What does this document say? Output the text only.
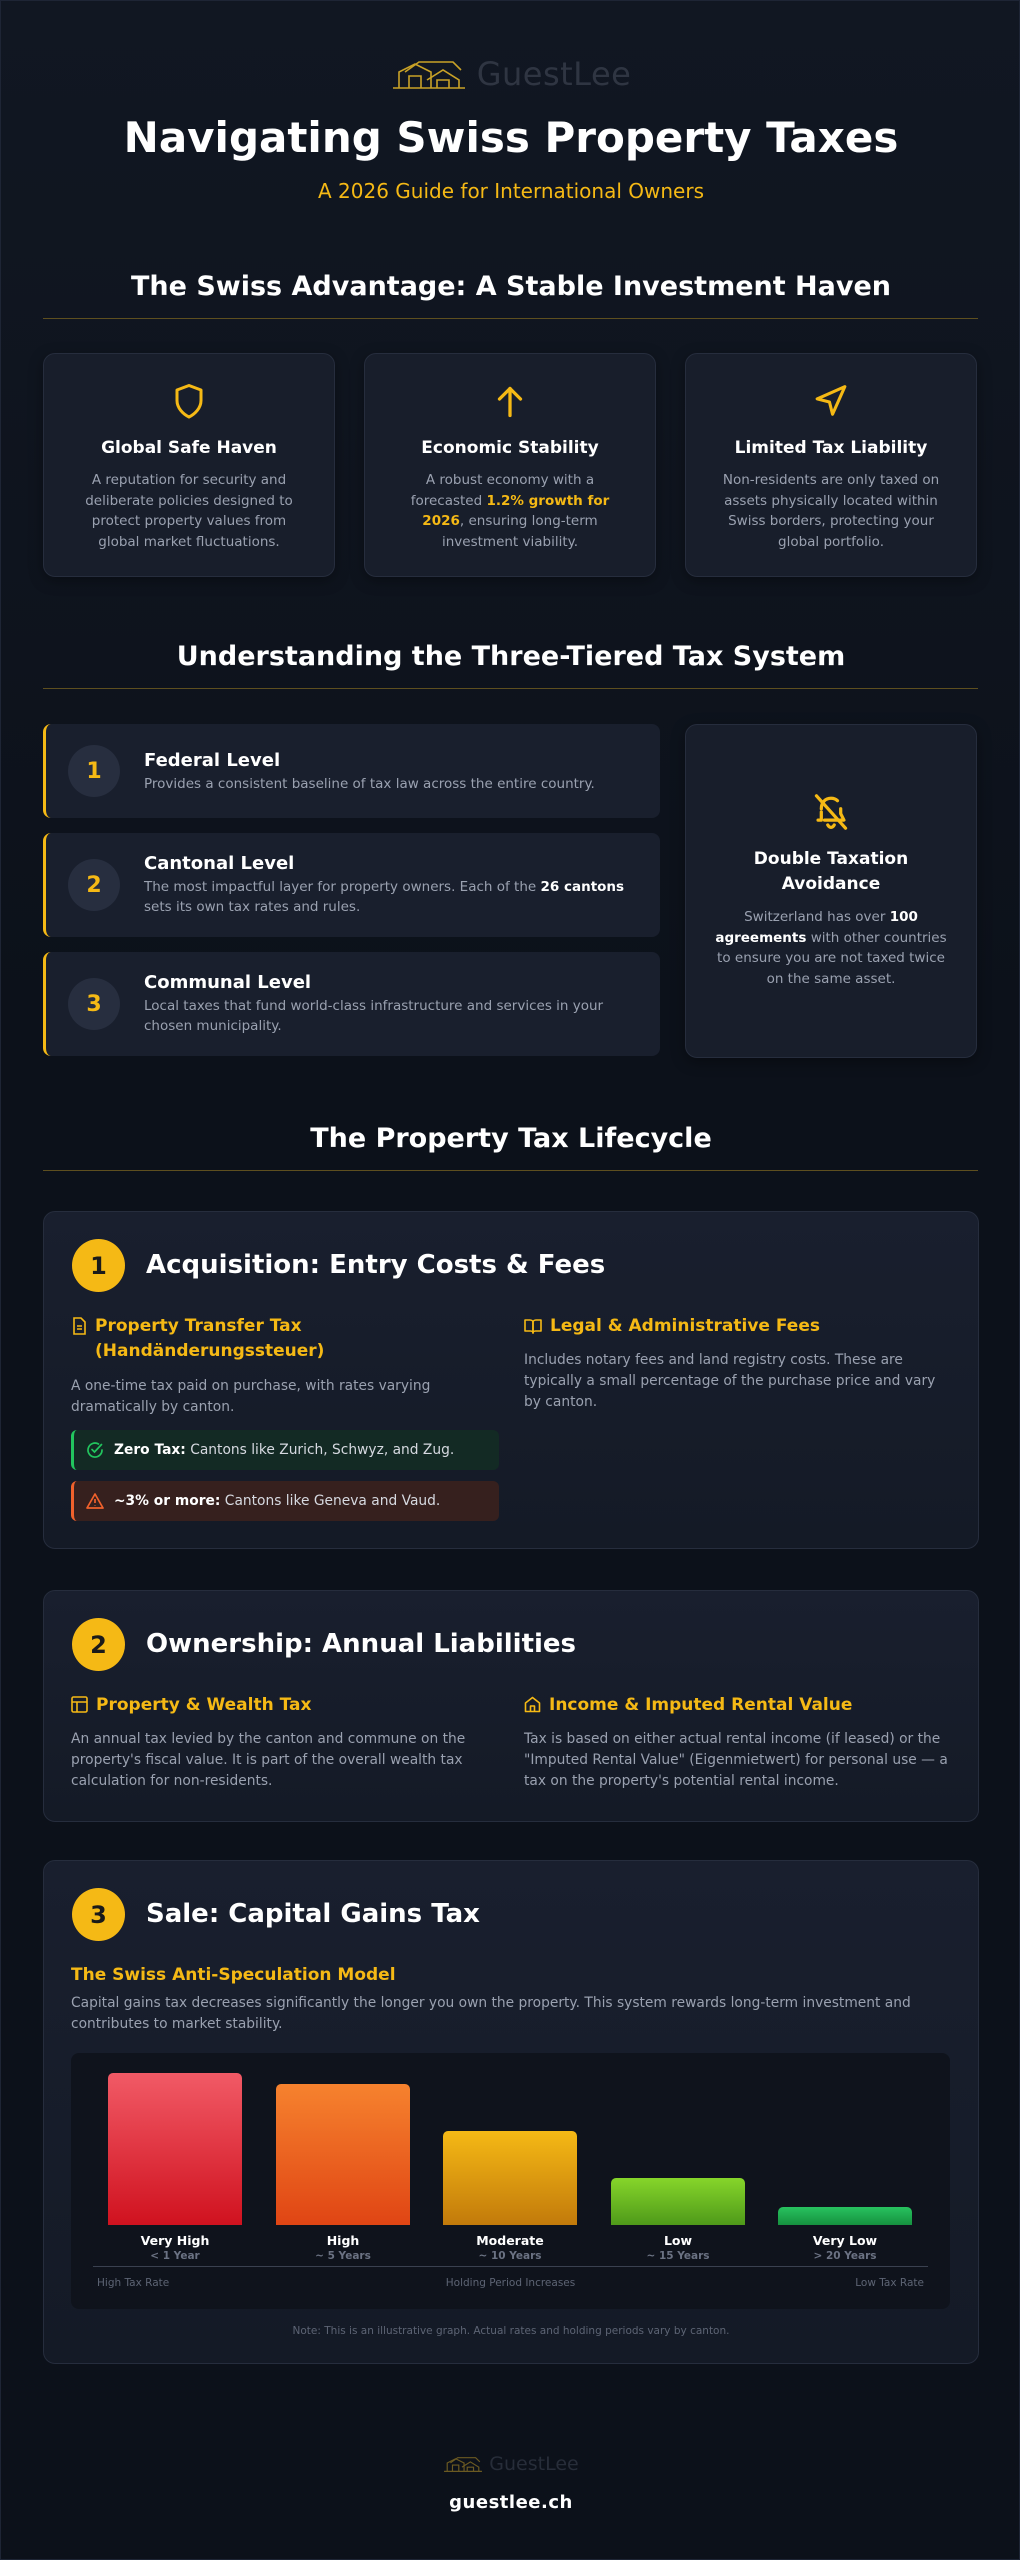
GuestLee
Navigating Swiss Property Taxes
A 2026 Guide for International Owners
The Swiss Advantage: A Stable Investment Haven
Global Safe Haven
A reputation for security and deliberate policies designed to protect property values from global market fluctuations.
Economic Stability
A robust economy with a forecasted 1.2% growth for 2026, ensuring long-term investment viability.
Limited Tax Liability
Non-residents are only taxed on assets physically located within Swiss borders, protecting your global portfolio.
Understanding the Three-Tiered Tax System
1	Federal Level
Provides a consistent baseline of tax law across the entire country.
2
Cantonal Level
The most impactful layer for property owners. Each of the 26 cantons sets its own tax rates and rules.
3
Communal Level
Local taxes that fund world-class infrastructure and services in your chosen municipality.
Double Taxation Avoidance
Switzerland has over 100 agreements with other countries to ensure you are not taxed twice on the same asset.
The Property Tax Lifecycle
1	Acquisition: Entry Costs & Fees
Property Transfer Tax (Handänderungssteuer)
A one-time tax paid on purchase, with rates varying dramatically by canton.
Zero Tax: Cantons like Zurich, Schwyz, and Zug.
~3% or more: Cantons like Geneva and Vaud.
Legal & Administrative Fees
Includes notary fees and land registry costs. These are typically a small percentage of the purchase price and vary by canton.
2	Ownership: Annual Liabilities
Property & Wealth Tax
An annual tax levied by the canton and commune on the property's fiscal value. It is part of the overall wealth tax calculation for non-residents.
Income & Imputed Rental Value
Tax is based on either actual rental income (if leased) or the "Imputed Rental Value" (Eigenmietwert) for personal use — a tax on the property's potential rental income.
3	Sale: Capital Gains Tax
The Swiss Anti-Speculation Model
Capital gains tax decreases significantly the longer you own the property. This system rewards long-term investment and contributes to market stability.
High Tax Rate	Holding Period Increases	Low Tax Rate
Very High
< 1 Year
High
~ 5 Years
Moderate
~ 10 Years
Low
~ 15 Years
Very Low
> 20 Years
Note: This is an illustrative graph. Actual rates and holding periods vary by canton.
GuestLee
guestlee.ch
